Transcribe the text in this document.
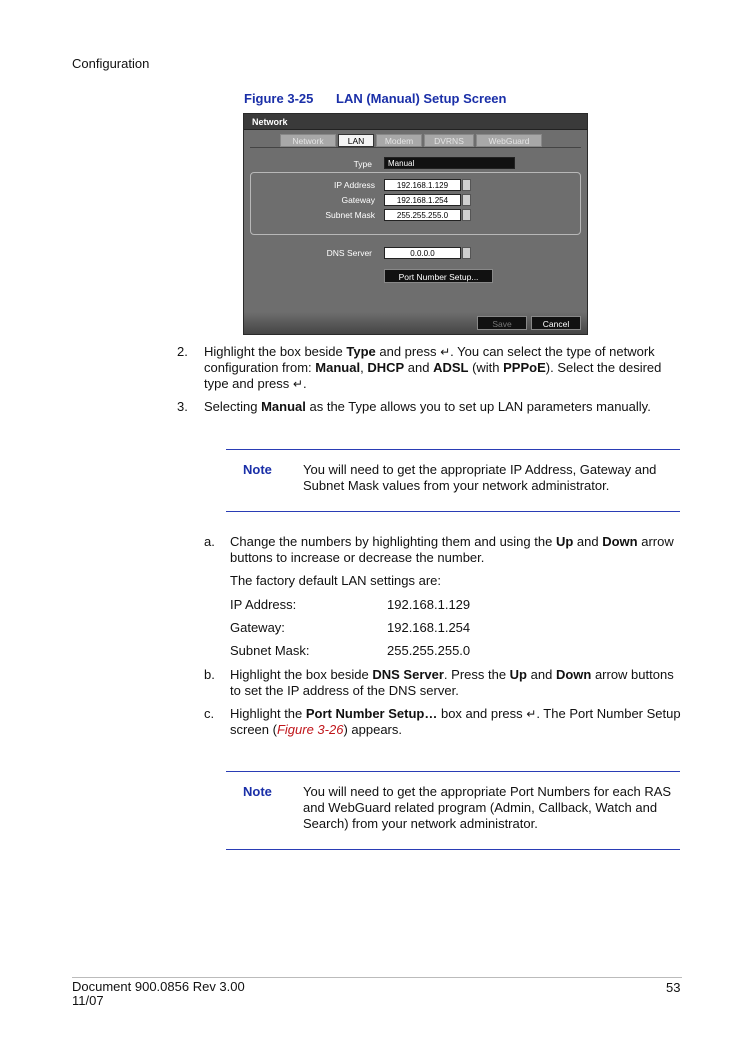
Configuration
Figure 3-25 LAN (Manual) Setup Screen
Network
Network	LAN	Modem	DVRNS	WebGuard
Type	Manual
IP Address	192.168.1.129
Gateway	192.168.1.254
Subnet Mask	255.255.255.0
DNS Server	0.0.0.0
Port Number Setup...
Save	Cancel
2. Highlight the box beside Type and press ↵. You can select the type of network configuration from: Manual, DHCP and ADSL (with PPPoE). Select the desired type and press ↵.
3. Selecting Manual as the Type allows you to set up LAN parameters manually.
Note You will need to get the appropriate IP Address, Gateway and Subnet Mask values from your network administrator.
a. Change the numbers by highlighting them and using the Up and Down arrow buttons to increase or decrease the number.
The factory default LAN settings are:
IP Address:	192.168.1.129
Gateway:	192.168.1.254
Subnet Mask:	255.255.255.0
b. Highlight the box beside DNS Server. Press the Up and Down arrow buttons to set the IP address of the DNS server.
c. Highlight the Port Number Setup… box and press ↵. The Port Number Setup screen (Figure 3-26) appears.
Note You will need to get the appropriate Port Numbers for each RAS and WebGuard related program (Admin, Callback, Watch and Search) from your network administrator.
Document 900.0856 Rev 3.00
11/07
53
